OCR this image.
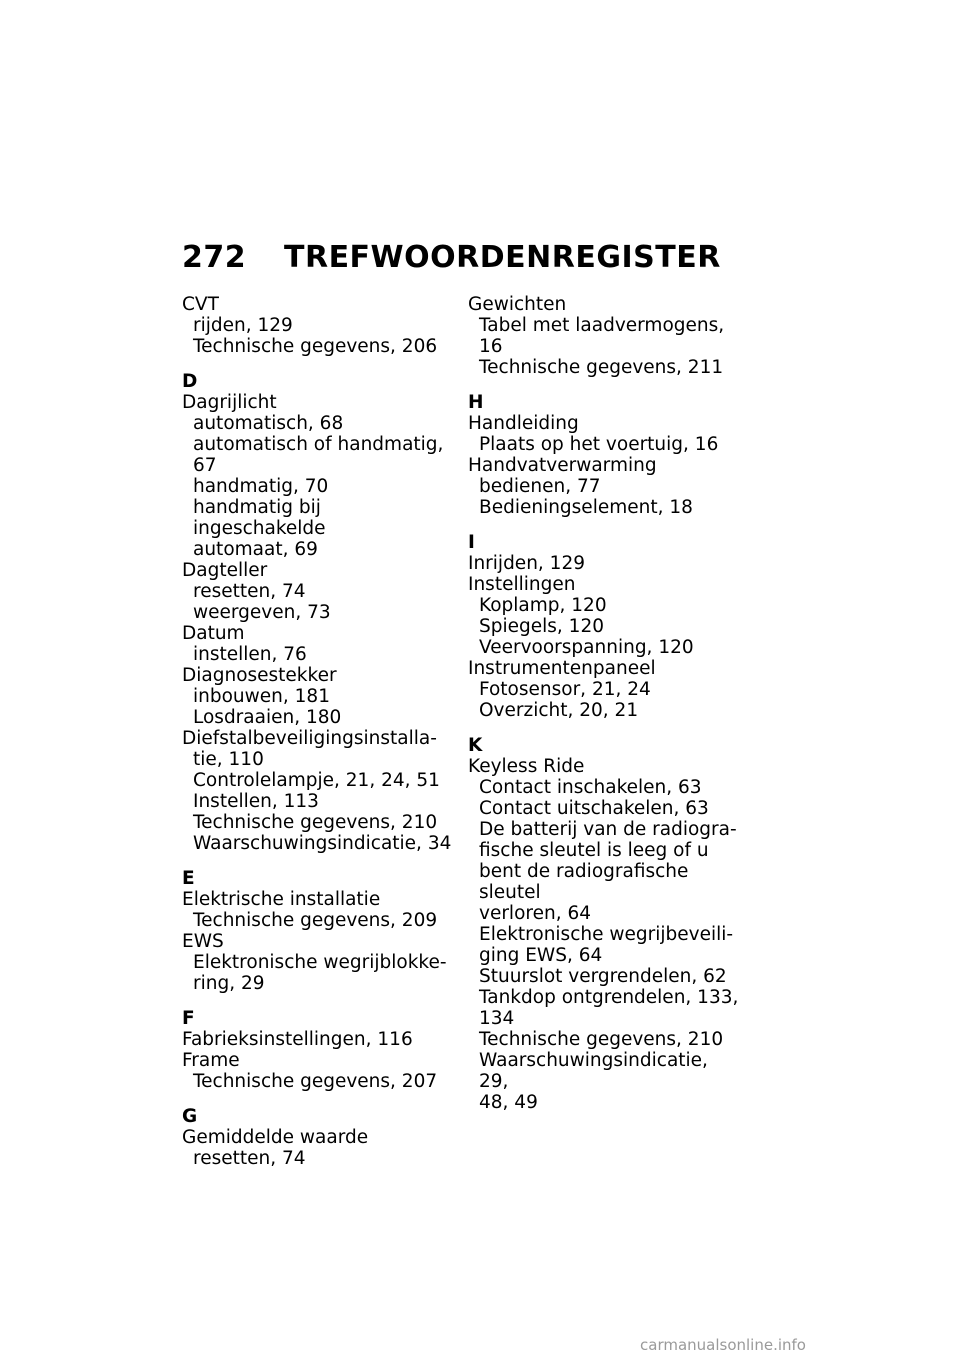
272 TREFWOORDENREGISTER
CVT
rijden, 129
Technische gegevens, 206
D
Dagrijlicht
automatisch, 68
automatisch of handmatig, 67
handmatig, 70
handmatig bij ingeschakelde
automaat, 69
Dagteller
resetten, 74
weergeven, 73
Datum
instellen, 76
Diagnosestekker
inbouwen, 181
Losdraaien, 180
Diefstalbeveiligingsinstalla-
tie, 110
Controlelampje, 21, 24, 51
Instellen, 113
Technische gegevens, 210
Waarschuwingsindicatie, 34
E
Elektrische installatie
Technische gegevens, 209
EWS
Elektronische wegrijblokke-
ring, 29
F
Fabrieksinstellingen, 116
Frame
Technische gegevens, 207
G
Gemiddelde waarde
resetten, 74
Gewichten
Tabel met laadvermogens, 16
Technische gegevens, 211
H
Handleiding
Plaats op het voertuig, 16
Handvatverwarming
bedienen, 77
Bedieningselement, 18
I
Inrijden, 129
Instellingen
Koplamp, 120
Spiegels, 120
Veervoorspanning, 120
Instrumentenpaneel
Fotosensor, 21, 24
Overzicht, 20, 21
K
Keyless Ride
Contact inschakelen, 63
Contact uitschakelen, 63
De batterij van de radiogra-
fische sleutel is leeg of u
bent de radiografische sleutel
verloren, 64
Elektronische wegrijbeveili-
ging EWS, 64
Stuurslot vergrendelen, 62
Tankdop ontgrendelen, 133,
134
Technische gegevens, 210
Waarschuwingsindicatie, 29,
48, 49
carmanualsonline.info
